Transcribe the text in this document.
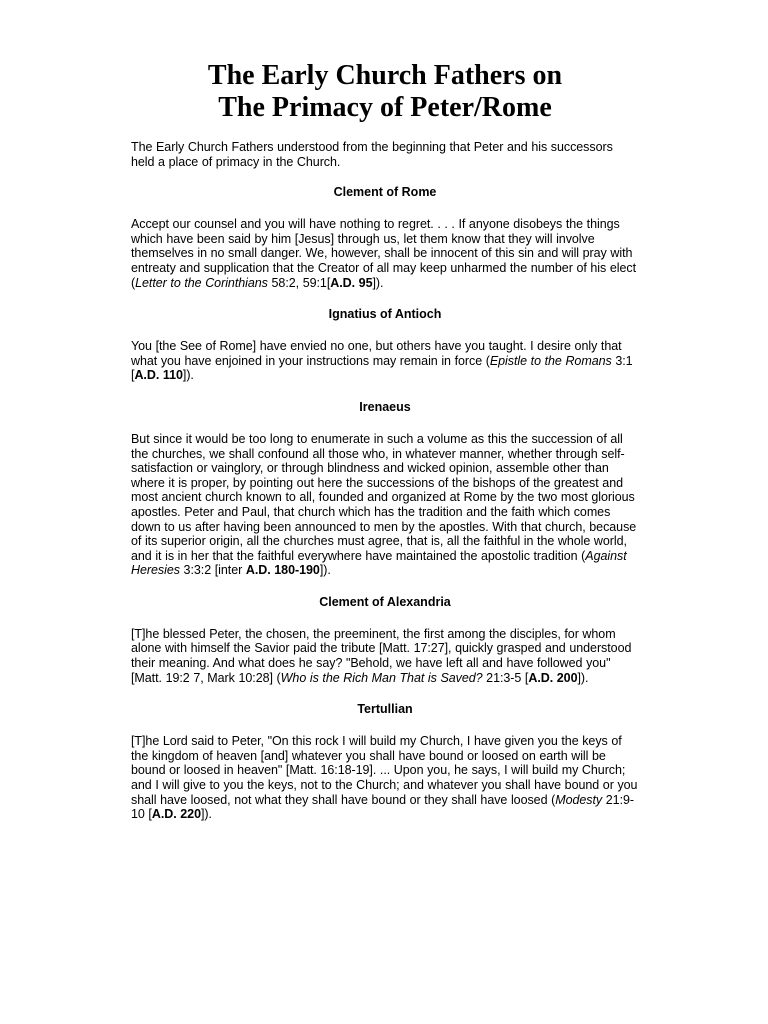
The Early Church Fathers on
The Primacy of Peter/Rome

The Early Church Fathers understood from the beginning that Peter and his successors held a place of primacy in the Church.

Clement of Rome

Accept our counsel and you will have nothing to regret. . . . If anyone disobeys the things which have been said by him [Jesus] through us, let them know that they will involve themselves in no small danger. We, however, shall be innocent of this sin and will pray with entreaty and supplication that the Creator of all may keep unharmed the number of his elect (Letter to the Corinthians 58:2, 59:1[A.D. 95]).

Ignatius of Antioch

You [the See of Rome] have envied no one, but others have you taught. I desire only that what you have enjoined in your instructions may remain in force (Epistle to the Romans 3:1 [A.D. 110]).

Irenaeus

But since it would be too long to enumerate in such a volume as this the succession of all the churches, we shall confound all those who, in whatever manner, whether through self-satisfaction or vainglory, or through blindness and wicked opinion, assemble other than where it is proper, by pointing out here the successions of the bishops of the greatest and most ancient church known to all, founded and organized at Rome by the two most glorious apostles. Peter and Paul, that church which has the tradition and the faith which comes down to us after having been announced to men by the apostles. With that church, because of its superior origin, all the churches must agree, that is, all the faithful in the whole world, and it is in her that the faithful everywhere have maintained the apostolic tradition (Against Heresies 3:3:2 [inter A.D. 180-190]).

Clement of Alexandria

[T]he blessed Peter, the chosen, the preeminent, the first among the disciples, for whom alone with himself the Savior paid the tribute [Matt. 17:27], quickly grasped and understood their meaning. And what does he say? "Behold, we have left all and have followed you" [Matt. 19:2 7, Mark 10:28] (Who is the Rich Man That is Saved? 21:3-5 [A.D. 200]).

Tertullian

[T]he Lord said to Peter, "On this rock I will build my Church, I have given you the keys of the kingdom of heaven [and] whatever you shall have bound or loosed on earth will be bound or loosed in heaven" [Matt. 16:18-19]. ... Upon you, he says, I will build my Church; and I will give to you the keys, not to the Church; and whatever you shall have bound or you shall have loosed, not what they shall have bound or they shall have loosed (Modesty 21:9-10 [A.D. 220]).
